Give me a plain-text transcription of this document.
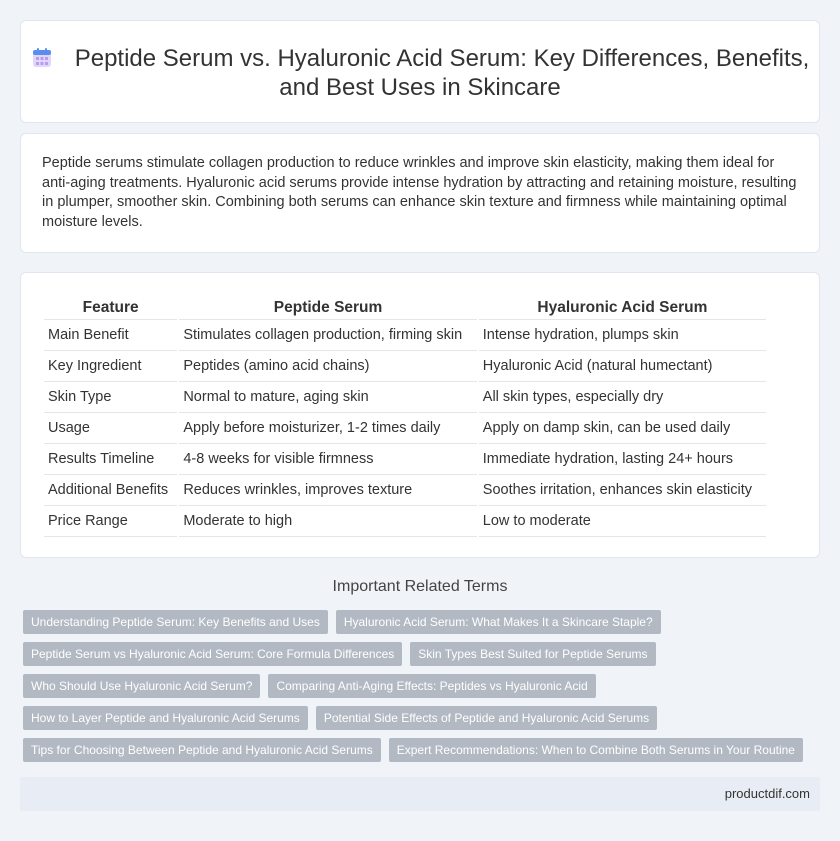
Peptide Serum vs. Hyaluronic Acid Serum: Key Differences, Benefits, and Best Uses in Skincare

Peptide serums stimulate collagen production to reduce wrinkles and improve skin elasticity, making them ideal for anti-aging treatments. Hyaluronic acid serums provide intense hydration by attracting and retaining moisture, resulting in plumper, smoother skin. Combining both serums can enhance skin texture and firmness while maintaining optimal moisture levels.

Feature	Peptide Serum	Hyaluronic Acid Serum
Main Benefit	Stimulates collagen production, firming skin	Intense hydration, plumps skin
Key Ingredient	Peptides (amino acid chains)	Hyaluronic Acid (natural humectant)
Skin Type	Normal to mature, aging skin	All skin types, especially dry
Usage	Apply before moisturizer, 1-2 times daily	Apply on damp skin, can be used daily
Results Timeline	4-8 weeks for visible firmness	Immediate hydration, lasting 24+ hours
Additional Benefits	Reduces wrinkles, improves texture	Soothes irritation, enhances skin elasticity
Price Range	Moderate to high	Low to moderate
Important Related Terms
Understanding Peptide Serum: Key Benefits and Uses	Hyaluronic Acid Serum: What Makes It a Skincare Staple?
Peptide Serum vs Hyaluronic Acid Serum: Core Formula Differences	Skin Types Best Suited for Peptide Serums
Who Should Use Hyaluronic Acid Serum?	Comparing Anti-Aging Effects: Peptides vs Hyaluronic Acid
How to Layer Peptide and Hyaluronic Acid Serums	Potential Side Effects of Peptide and Hyaluronic Acid Serums
Tips for Choosing Between Peptide and Hyaluronic Acid Serums	Expert Recommendations: When to Combine Both Serums in Your Routine
productdif.com
